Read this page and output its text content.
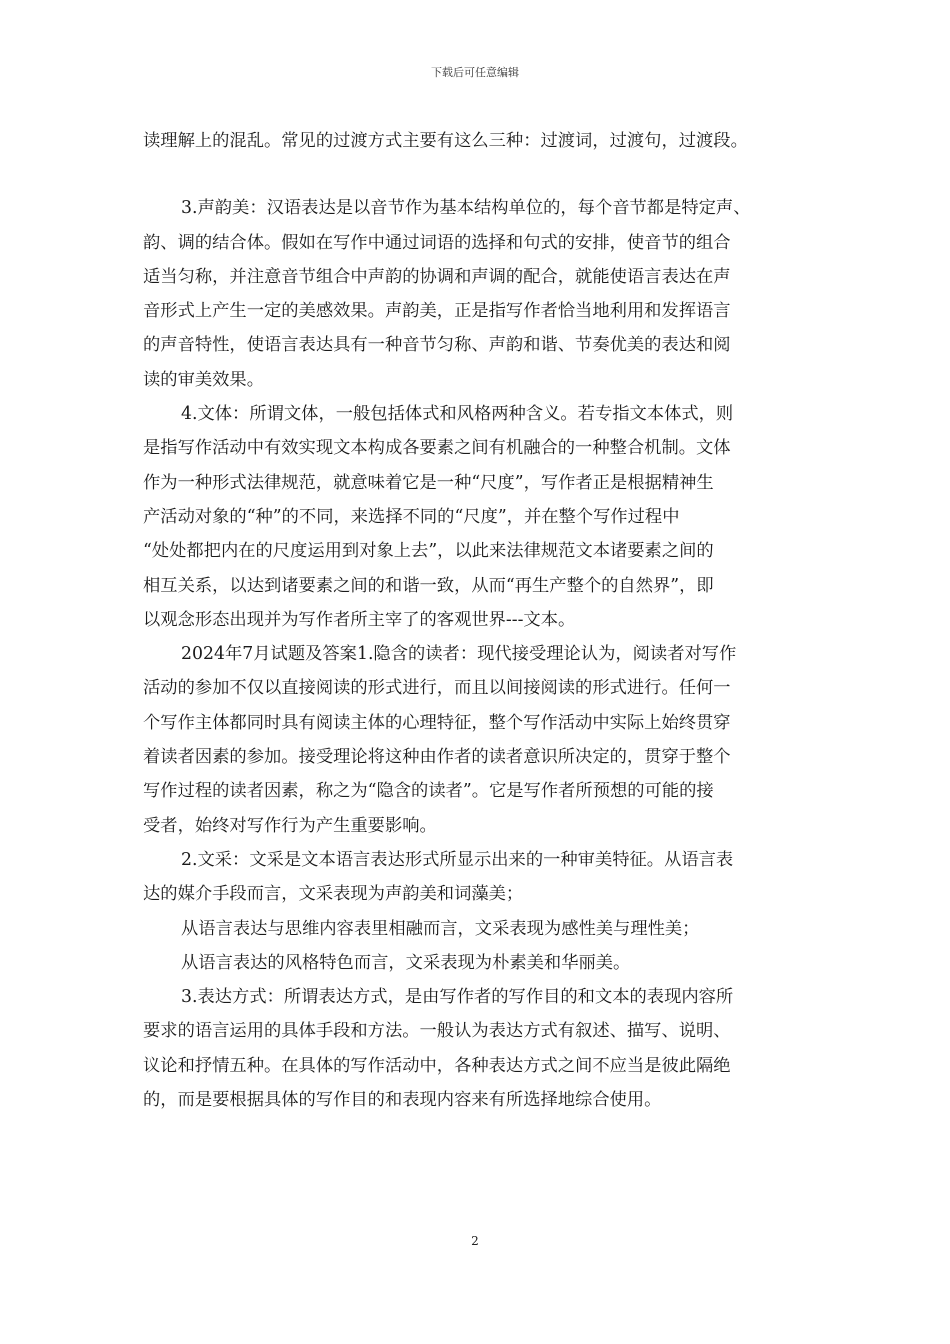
下载后可任意编辑
读理解上的混乱。常见的过渡方式主要有这么三种：过渡词，过渡句，过渡段。
3.声韵美：汉语表达是以音节作为基本结构单位的，每个音节都是特定声、
韵、调的结合体。假如在写作中通过词语的选择和句式的安排，使音节的组合
适当匀称，并注意音节组合中声韵的协调和声调的配合，就能使语言表达在声
音形式上产生一定的美感效果。声韵美，正是指写作者恰当地利用和发挥语言
的声音特性，使语言表达具有一种音节匀称、声韵和谐、节奏优美的表达和阅
读的审美效果。
4.文体：所谓文体，一般包括体式和风格两种含义。若专指文本体式，则
是指写作活动中有效实现文本构成各要素之间有机融合的一种整合机制。文体
作为一种形式法律规范，就意味着它是一种“尺度”，写作者正是根据精神生
产活动对象的“种”的不同，来选择不同的“尺度”，并在整个写作过程中
“处处都把内在的尺度运用到对象上去”，以此来法律规范文本诸要素之间的
相互关系，以达到诸要素之间的和谐一致，从而“再生产整个的自然界”，即
以观念形态出现并为写作者所主宰了的客观世界---文本。
2024年7月试题及答案1.隐含的读者：现代接受理论认为，阅读者对写作
活动的参加不仅以直接阅读的形式进行，而且以间接阅读的形式进行。任何一
个写作主体都同时具有阅读主体的心理特征，整个写作活动中实际上始终贯穿
着读者因素的参加。接受理论将这种由作者的读者意识所决定的，贯穿于整个
写作过程的读者因素，称之为“隐含的读者”。它是写作者所预想的可能的接
受者，始终对写作行为产生重要影响。
2.文采：文采是文本语言表达形式所显示出来的一种审美特征。从语言表
达的媒介手段而言，文采表现为声韵美和词藻美；
从语言表达与思维内容表里相融而言，文采表现为感性美与理性美；
从语言表达的风格特色而言，文采表现为朴素美和华丽美。
3.表达方式：所谓表达方式，是由写作者的写作目的和文本的表现内容所
要求的语言运用的具体手段和方法。一般认为表达方式有叙述、描写、说明、
议论和抒情五种。在具体的写作活动中，各种表达方式之间不应当是彼此隔绝
的，而是要根据具体的写作目的和表现内容来有所选择地综合使用。
2
